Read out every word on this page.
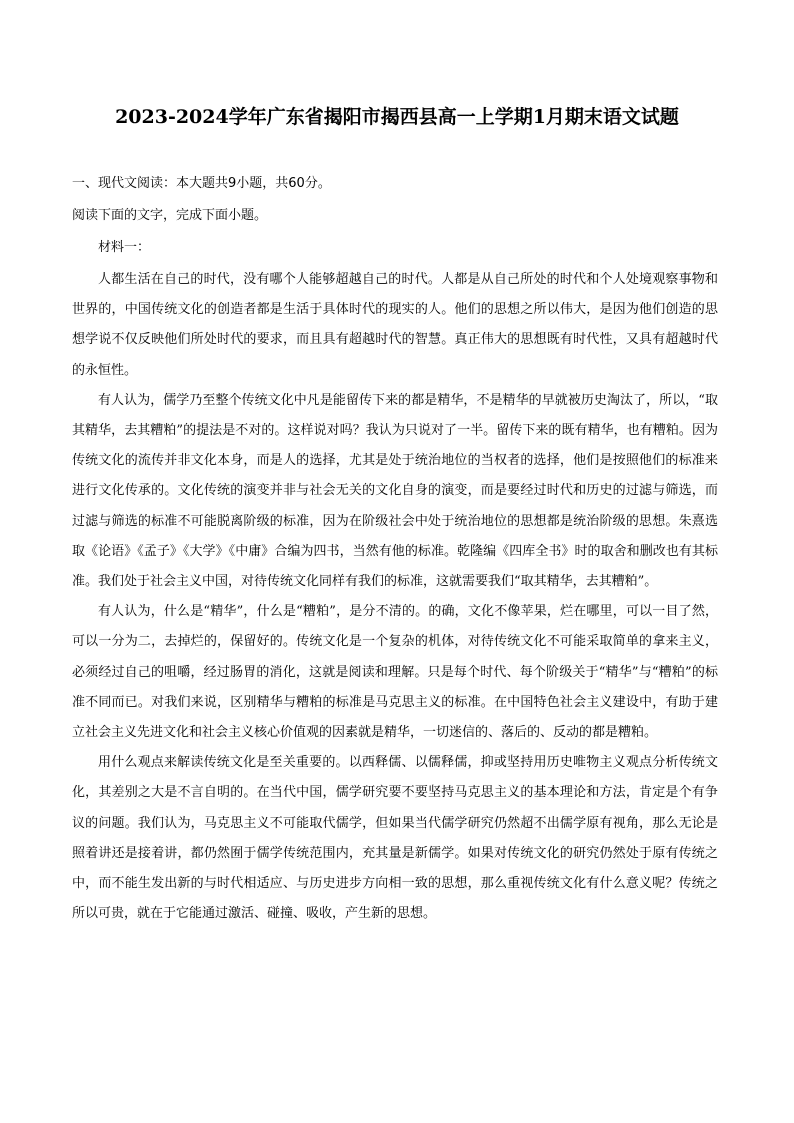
2023-2024学年广东省揭阳市揭西县高一上学期1月期末语文试题
一、现代文阅读：本大题共9小题，共60分。
阅读下面的文字，完成下面小题。
材料一：

人都生活在自己的时代，没有哪个人能够超越自己的时代。人都是从自己所处的时代和个人处境观察事物和世界的，中国传统文化的创造者都是生活于具体时代的现实的人。他们的思想之所以伟大，是因为他们创造的思想学说不仅反映他们所处时代的要求，而且具有超越时代的智慧。真正伟大的思想既有时代性，又具有超越时代的永恒性。

有人认为，儒学乃至整个传统文化中凡是能留传下来的都是精华，不是精华的早就被历史淘汰了，所以，“取其精华，去其糟粕”的提法是不对的。这样说对吗？我认为只说对了一半。留传下来的既有精华，也有糟粕。因为传统文化的流传并非文化本身，而是人的选择，尤其是处于统治地位的当权者的选择，他们是按照他们的标准来进行文化传承的。文化传统的演变并非与社会无关的文化自身的演变，而是要经过时代和历史的过滤与筛选，而过滤与筛选的标准不可能脱离阶级的标准，因为在阶级社会中处于统治地位的思想都是统治阶级的思想。朱熹选取《论语》《孟子》《大学》《中庸》合编为四书，当然有他的标准。乾隆编《四库全书》时的取舍和删改也有其标准。我们处于社会主义中国，对待传统文化同样有我们的标准，这就需要我们“取其精华，去其糟粕”。

有人认为，什么是“精华”，什么是“糟粕”，是分不清的。的确，文化不像苹果，烂在哪里，可以一目了然，可以一分为二，去掉烂的，保留好的。传统文化是一个复杂的机体，对待传统文化不可能采取简单的拿来主义，必须经过自己的咀嚼，经过肠胃的消化，这就是阅读和理解。只是每个时代、每个阶级关于“精华”与“糟粕”的标准不同而已。对我们来说，区别精华与糟粕的标准是马克思主义的标准。在中国特色社会主义建设中，有助于建立社会主义先进文化和社会主义核心价值观的因素就是精华，一切迷信的、落后的、反动的都是糟粕。

用什么观点来解读传统文化是至关重要的。以西释儒、以儒释儒，抑或坚持用历史唯物主义观点分析传统文化，其差别之大是不言自明的。在当代中国，儒学研究要不要坚持马克思主义的基本理论和方法，肯定是个有争议的问题。我们认为，马克思主义不可能取代儒学，但如果当代儒学研究仍然超不出儒学原有视角，那么无论是照着讲还是接着讲，都仍然囿于儒学传统范围内，充其量是新儒学。如果对传统文化的研究仍然处于原有传统之中，而不能生发出新的与时代相适应、与历史进步方向相一致的思想，那么重视传统文化有什么意义呢？传统之所以可贵，就在于它能通过激活、碰撞、吸收，产生新的思想。
